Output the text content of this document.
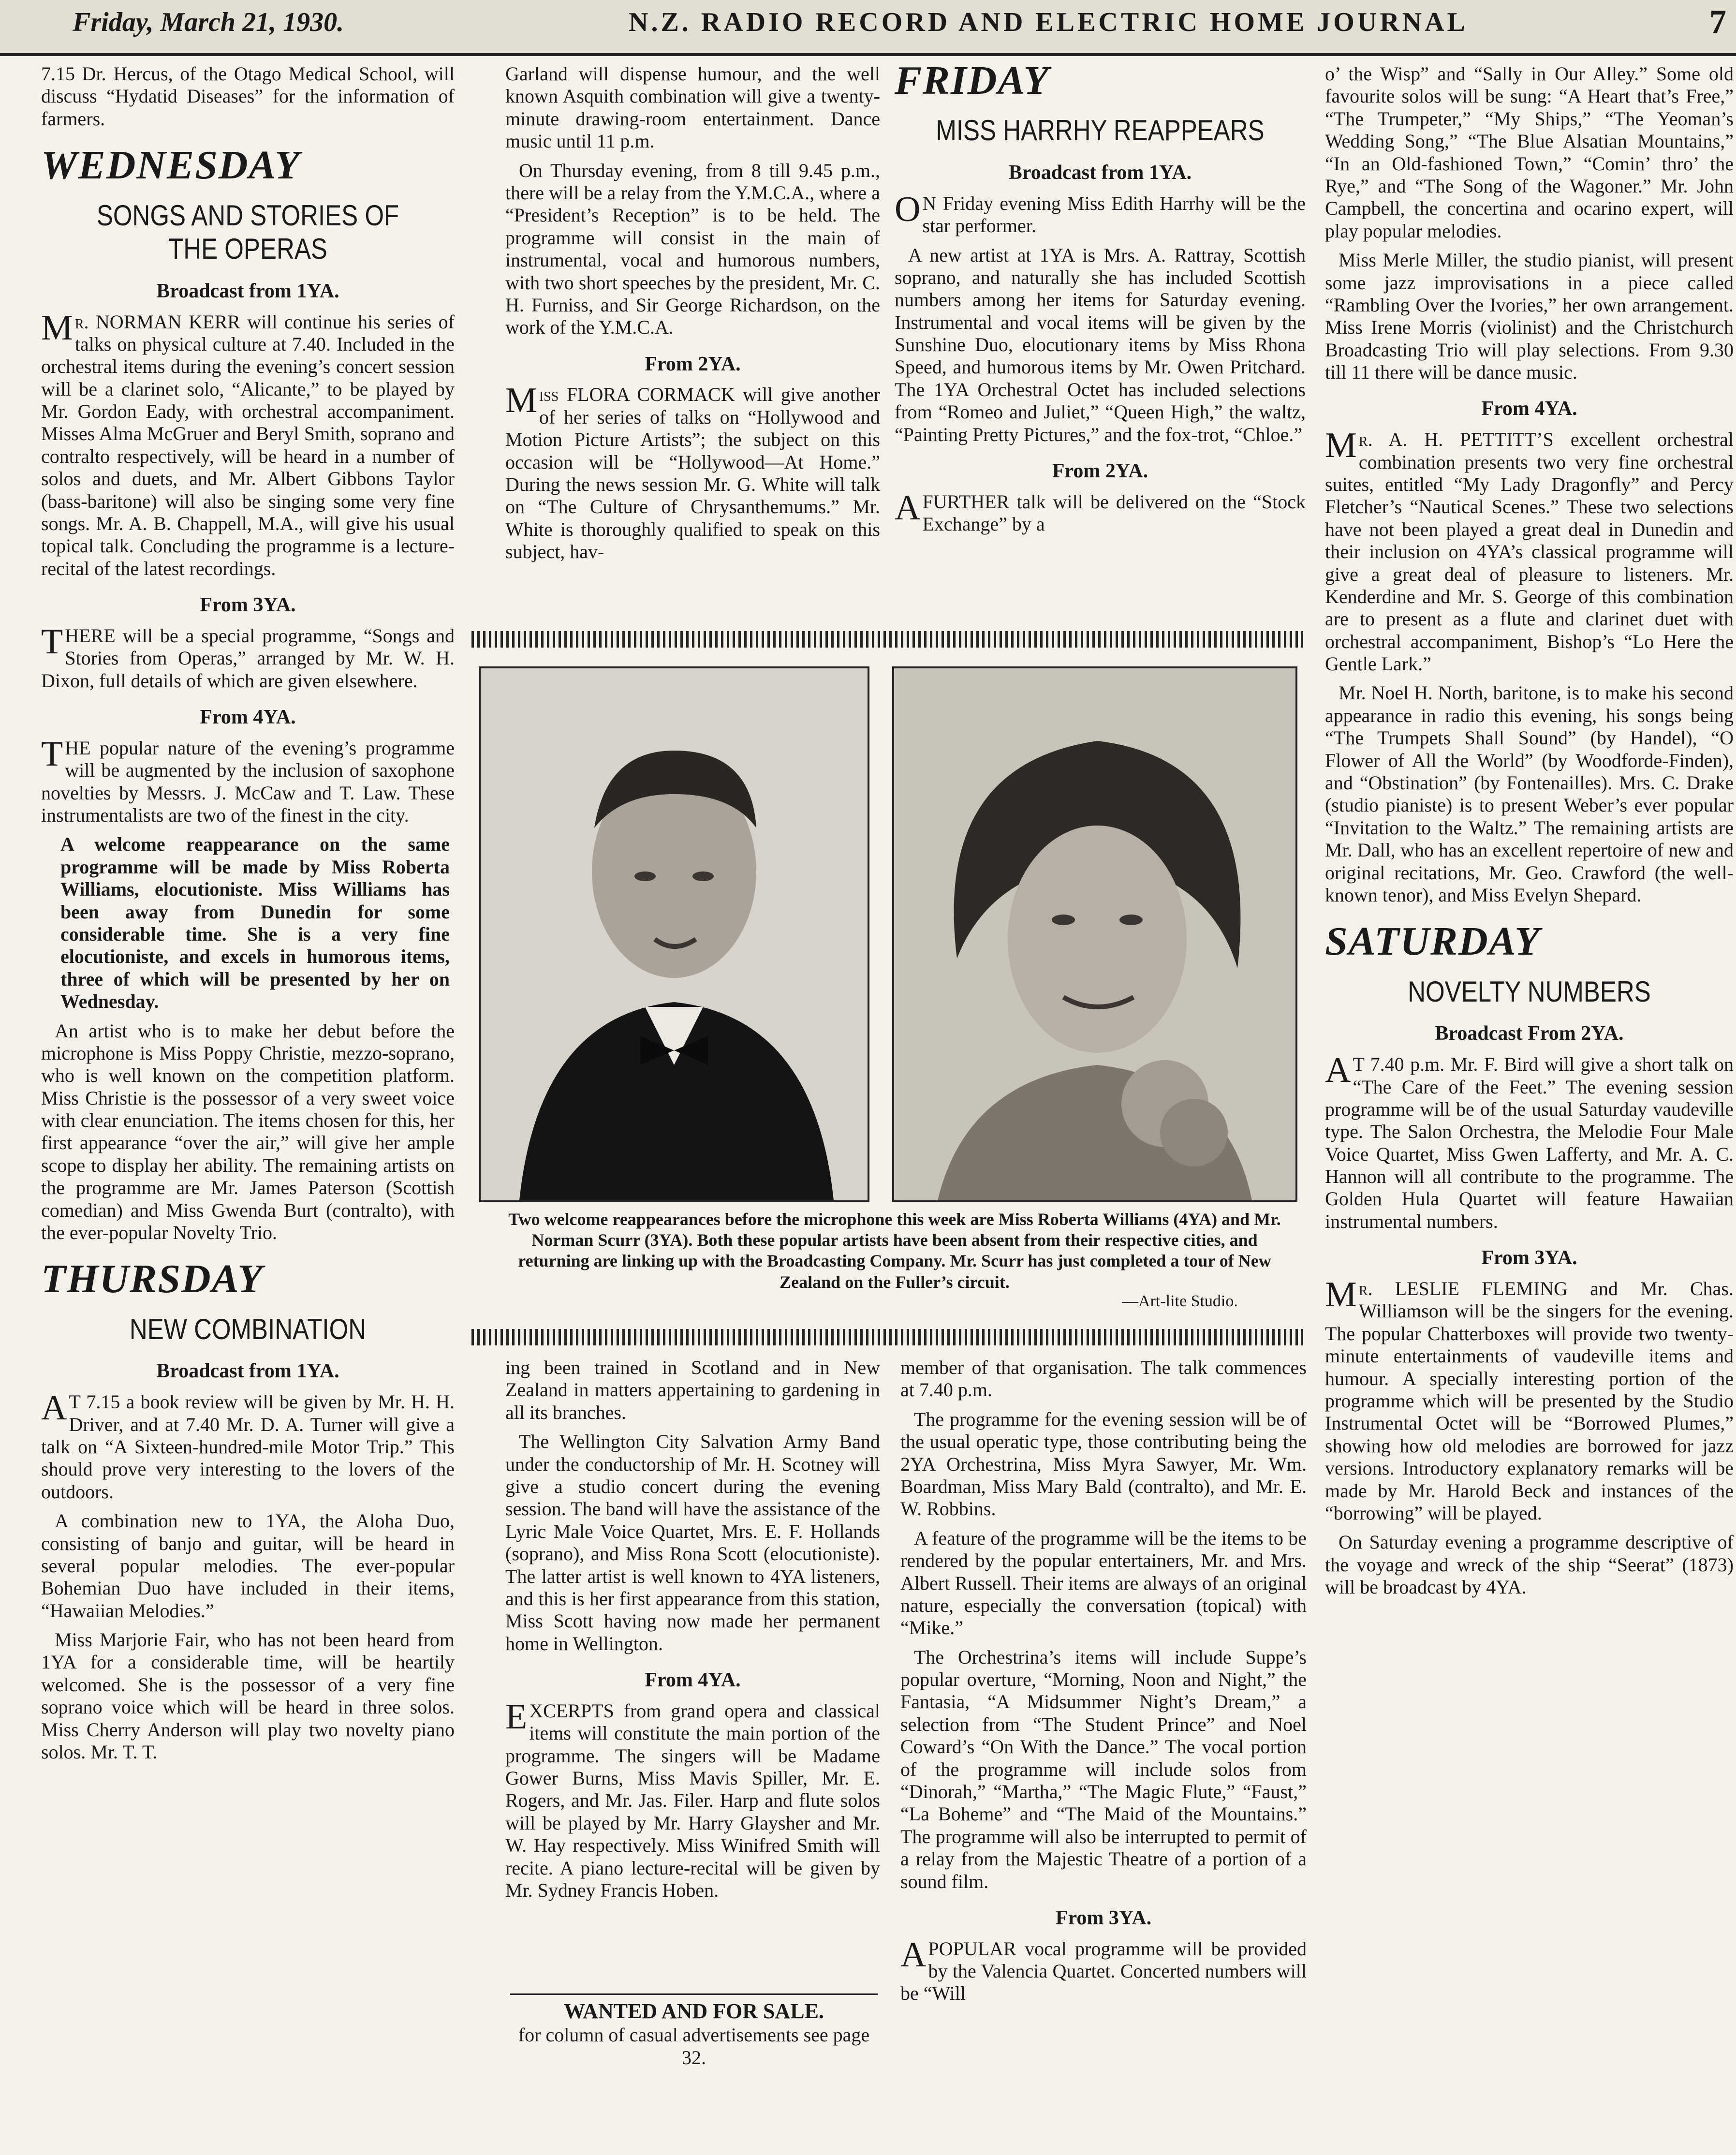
Friday, March 21, 1930.	N.Z. RADIO RECORD AND ELECTRIC HOME JOURNAL	7

7.15 Dr. Hercus, of the Otago Medical School, will discuss “Hydatid Diseases” for the information of farmers.

WEDNESDAY
SONGS AND STORIES OF THE OPERAS
Broadcast from 1YA.

Mr. NORMAN KERR will continue his series of talks on physical culture at 7.40. Included in the orchestral items during the evening’s concert session will be a clarinet solo, “Alicante,” to be played by Mr. Gordon Eady, with orchestral accompaniment. Misses Alma McGruer and Beryl Smith, soprano and contralto respectively, will be heard in a number of solos and duets, and Mr. Albert Gibbons Taylor (bass-baritone) will also be singing some very fine songs. Mr. A. B. Chappell, M.A., will give his usual topical talk. Concluding the programme is a lecture-recital of the latest recordings.

From 3YA.

THERE will be a special programme, “Songs and Stories from Operas,” arranged by Mr. W. H. Dixon, full details of which are given elsewhere.

From 4YA.

THE popular nature of the evening’s programme will be augmented by the inclusion of saxophone novelties by Messrs. J. McCaw and T. Law. These instrumentalists are two of the finest in the city.

A welcome reappearance on the same programme will be made by Miss Roberta Williams, elocutioniste. Miss Williams has been away from Dunedin for some considerable time. She is a very fine elocutioniste, and excels in humorous items, three of which will be presented by her on Wednesday.

An artist who is to make her debut before the microphone is Miss Poppy Christie, mezzo-soprano, who is well known on the competition platform. Miss Christie is the possessor of a very sweet voice with clear enunciation. The items chosen for this, her first appearance “over the air,” will give her ample scope to display her ability. The remaining artists on the programme are Mr. James Paterson (Scottish comedian) and Miss Gwenda Burt (contralto), with the ever-popular Novelty Trio.

THURSDAY
NEW COMBINATION
Broadcast from 1YA.

A T 7.15 a book review will be given by Mr. H. H. Driver, and at 7.40 Mr. D. A. Turner will give a talk on “A Sixteen-hundred-mile Motor Trip.” This should prove very interesting to the lovers of the outdoors.

A combination new to 1YA, the Aloha Duo, consisting of banjo and guitar, will be heard in several popular melodies. The ever-popular Bohemian Duo have included in their items, “Hawaiian Melodies.”

Miss Marjorie Fair, who has not been heard from 1YA for a considerable time, will be heartily welcomed. She is the possessor of a very fine soprano voice which will be heard in three solos. Miss Cherry Anderson will play two novelty piano solos. Mr. T. T.

Garland will dispense humour, and the well known Asquith combination will give a twenty-minute drawing-room entertainment. Dance music until 11 p.m.

On Thursday evening, from 8 till 9.45 p.m., there will be a relay from the Y.M.C.A., where a “President’s Reception” is to be held. The programme will consist in the main of instrumental, vocal and humorous numbers, with two short speeches by the president, Mr. C. H. Furniss, and Sir George Richardson, on the work of the Y.M.C.A.

From 2YA.

Miss FLORA CORMACK will give another of her series of talks on “Hollywood and Motion Picture Artists”; the subject on this occasion will be “Hollywood—At Home.” During the news session Mr. G. White will talk on “The Culture of Chrysanthemums.” Mr. White is thoroughly qualified to speak on this subject, hav-

FRIDAY
MISS HARRHY REAPPEARS
Broadcast from 1YA.

O N Friday evening Miss Edith Harrhy will be the star performer.

A new artist at 1YA is Mrs. A. Rattray, Scottish soprano, and naturally she has included Scottish numbers among her items for Saturday evening. Instrumental and vocal items will be given by the Sunshine Duo, elocutionary items by Miss Rhona Speed, and humorous items by Mr. Owen Pritchard. The 1YA Orchestral Octet has included selections from “Romeo and Juliet,” “Queen High,” the waltz, “Painting Pretty Pictures,” and the fox-trot, “Chloe.”

From 2YA.

AFURTHER talk will be delivered on the “Stock Exchange” by a

Two welcome reappearances before the microphone this week are Miss Roberta Williams (4YA) and Mr. Norman Scurr (3YA). Both these popular artists have been absent from their respective cities, and returning are linking up with the Broadcasting Company. Mr. Scurr has just completed a tour of New Zealand on the Fuller’s circuit.
—Art-lite Studio.

ing been trained in Scotland and in New Zealand in matters appertaining to gardening in all its branches.

The Wellington City Salvation Army Band under the conductorship of Mr. H. Scotney will give a studio concert during the evening session. The band will have the assistance of the Lyric Male Voice Quartet, Mrs. E. F. Hollands (soprano), and Miss Rona Scott (elocutioniste). The latter artist is well known to 4YA listeners, and this is her first appearance from this station, Miss Scott having now made her permanent home in Wellington.

From 4YA.

EXCERPTS from grand opera and classical items will constitute the main portion of the programme. The singers will be Madame Gower Burns, Miss Mavis Spiller, Mr. E. Rogers, and Mr. Jas. Filer. Harp and flute solos will be played by Mr. Harry Glaysher and Mr. W. Hay respectively. Miss Winifred Smith will recite. A piano lecture-recital will be given by Mr. Sydney Francis Hoben.

WANTED AND FOR SALE.
for column of casual advertisements see page 32.

member of that organisation. The talk commences at 7.40 p.m.

The programme for the evening session will be of the usual operatic type, those contributing being the 2YA Orchestrina, Miss Myra Sawyer, Mr. Wm. Boardman, Miss Mary Bald (contralto), and Mr. E. W. Robbins.

A feature of the programme will be the items to be rendered by the popular entertainers, Mr. and Mrs. Albert Russell. Their items are always of an original nature, especially the conversation (topical) with “Mike.”

The Orchestrina’s items will include Suppe’s popular overture, “Morning, Noon and Night,” the Fantasia, “A Midsummer Night’s Dream,” a selection from “The Student Prince” and Noel Coward’s “On With the Dance.” The vocal portion of the programme will include solos from “Dinorah,” “Martha,” “The Magic Flute,” “Faust,” “La Boheme” and “The Maid of the Mountains.” The programme will also be interrupted to permit of a relay from the Majestic Theatre of a portion of a sound film.

From 3YA.

APOPULAR vocal programme will be provided by the Valencia Quartet. Concerted numbers will be “Will

o’ the Wisp” and “Sally in Our Alley.” Some old favourite solos will be sung: “A Heart that’s Free,” “The Trumpeter,” “My Ships,” “The Yeoman’s Wedding Song,” “The Blue Alsatian Mountains,” “In an Old-fashioned Town,” “Comin’ thro’ the Rye,” and “The Song of the Wagoner.” Mr. John Campbell, the concertina and ocarino expert, will play popular melodies.

Miss Merle Miller, the studio pianist, will present some jazz improvisations in a piece called “Rambling Over the Ivories,” her own arrangement. Miss Irene Morris (violinist) and the Christchurch Broadcasting Trio will play selections. From 9.30 till 11 there will be dance music.

From 4YA.

Mr. A. H. PETTITT’S excellent orchestral combination presents two very fine orchestral suites, entitled “My Lady Dragonfly” and Percy Fletcher’s “Nautical Scenes.” These two selections have not been played a great deal in Dunedin and their inclusion on 4YA’s classical programme will give a great deal of pleasure to listeners. Mr. Kenderdine and Mr. S. George of this combination are to present as a flute and clarinet duet with orchestral accompaniment, Bishop’s “Lo Here the Gentle Lark.”

Mr. Noel H. North, baritone, is to make his second appearance in radio this evening, his songs being “The Trumpets Shall Sound” (by Handel), “O Flower of All the World” (by Woodforde-Finden), and “Obstination” (by Fontenailles). Mrs. C. Drake (studio pianiste) is to present Weber’s ever popular “Invitation to the Waltz.” The remaining artists are Mr. Dall, who has an excellent repertoire of new and original recitations, Mr. Geo. Crawford (the well-known tenor), and Miss Evelyn Shepard.

SATURDAY
NOVELTY NUMBERS
Broadcast From 2YA.

A T 7.40 p.m. Mr. F. Bird will give a short talk on “The Care of the Feet.” The evening session programme will be of the usual Saturday vaudeville type. The Salon Orchestra, the Melodie Four Male Voice Quartet, Miss Gwen Lafferty, and Mr. A. C. Hannon will all contribute to the programme. The Golden Hula Quartet will feature Hawaiian instrumental numbers.

From 3YA.

Mr. LESLIE FLEMING and Mr. Chas. Williamson will be the singers for the evening. The popular Chatterboxes will provide two twenty-minute entertainments of vaudeville items and humour. A specially interesting portion of the programme which will be presented by the Studio Instrumental Octet will be “Borrowed Plumes,” showing how old melodies are borrowed for jazz versions. Introductory explanatory remarks will be made by Mr. Harold Beck and instances of the “borrowing” will be played.

On Saturday evening a programme descriptive of the voyage and wreck of the ship “Seerat” (1873) will be broadcast by 4YA.
